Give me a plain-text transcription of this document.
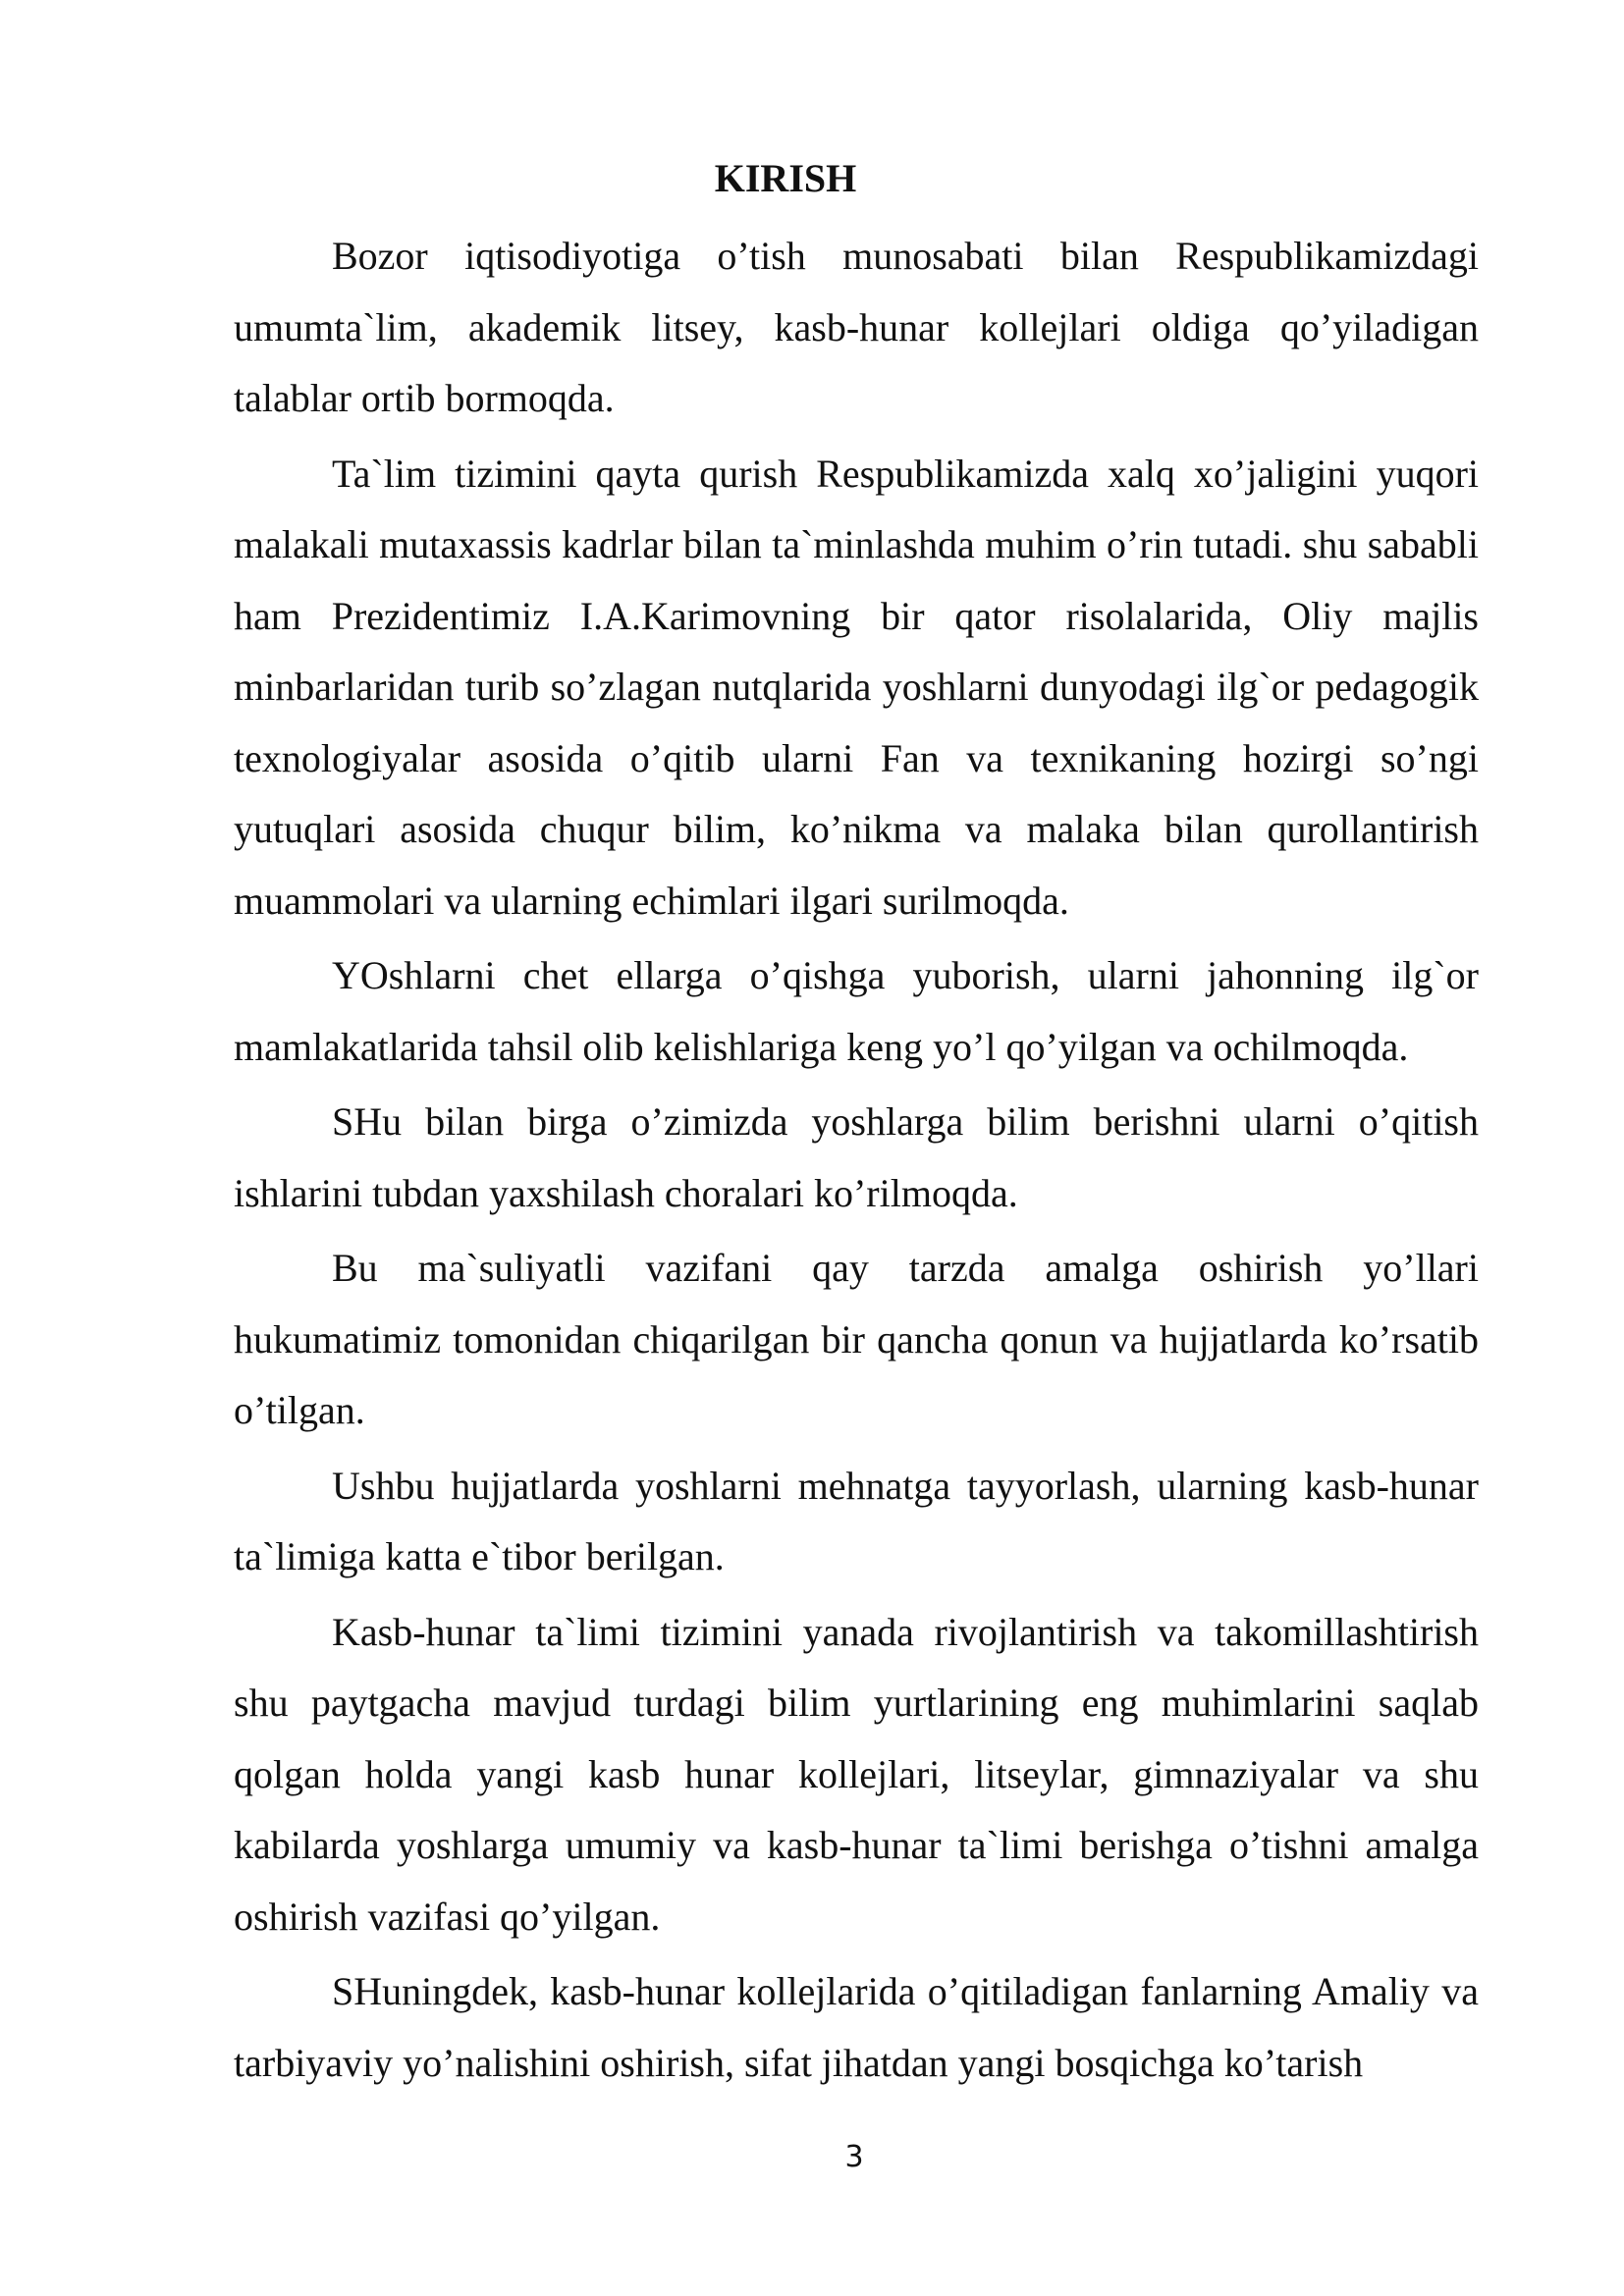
KIRISH

Bozor iqtisodiyotiga o’tish munosabati bilan Respublikamizdagi umumta`lim, akademik litsey, kasb-hunar kollejlari oldiga qo’yiladigan talablar ortib bormoqda.

Ta`lim tizimini qayta qurish Respublikamizda xalq xo’jaligini yuqori malakali mutaxassis kadrlar bilan ta`minlashda muhim o’rin tutadi. shu sababli ham Prezidentimiz I.A.Karimovning bir qator risolalarida, Oliy majlis minbarlaridan turib so’zlagan nutqlarida yoshlarni dunyodagi ilg`or pedagogik texnologiyalar asosida o’qitib ularni Fan va texnikaning hozirgi so’ngi yutuqlari asosida chuqur bilim, ko’nikma va malaka bilan qurollantirish muammolari va ularning echimlari ilgari surilmoqda.

YOshlarni chet ellarga o’qishga yuborish, ularni jahonning ilg`or mamlakatlarida tahsil olib kelishlariga keng yo’l qo’yilgan va ochilmoqda.

SHu bilan birga o’zimizda yoshlarga bilim berishni ularni o’qitish ishlarini tubdan yaxshilash choralari ko’rilmoqda.

Bu ma`suliyatli vazifani qay tarzda amalga oshirish yo’llari hukumatimiz tomonidan chiqarilgan bir qancha qonun va hujjatlarda ko’rsatib o’tilgan.

Ushbu hujjatlarda yoshlarni mehnatga tayyorlash, ularning kasb-hunar ta`limiga katta e`tibor berilgan.

Kasb-hunar ta`limi tizimini yanada rivojlantirish va takomillashtirish shu paytgacha mavjud turdagi bilim yurtlarining eng muhimlarini saqlab qolgan holda yangi kasb hunar kollejlari, litseylar, gimnaziyalar va shu kabilarda yoshlarga umumiy va kasb-hunar ta`limi berishga o’tishni amalga oshirish vazifasi qo’yilgan.

SHuningdek, kasb-hunar kollejlarida o’qitiladigan fanlarning Amaliy va tarbiyaviy yo’nalishini oshirish, sifat jihatdan yangi bosqichga ko’tarish

3
